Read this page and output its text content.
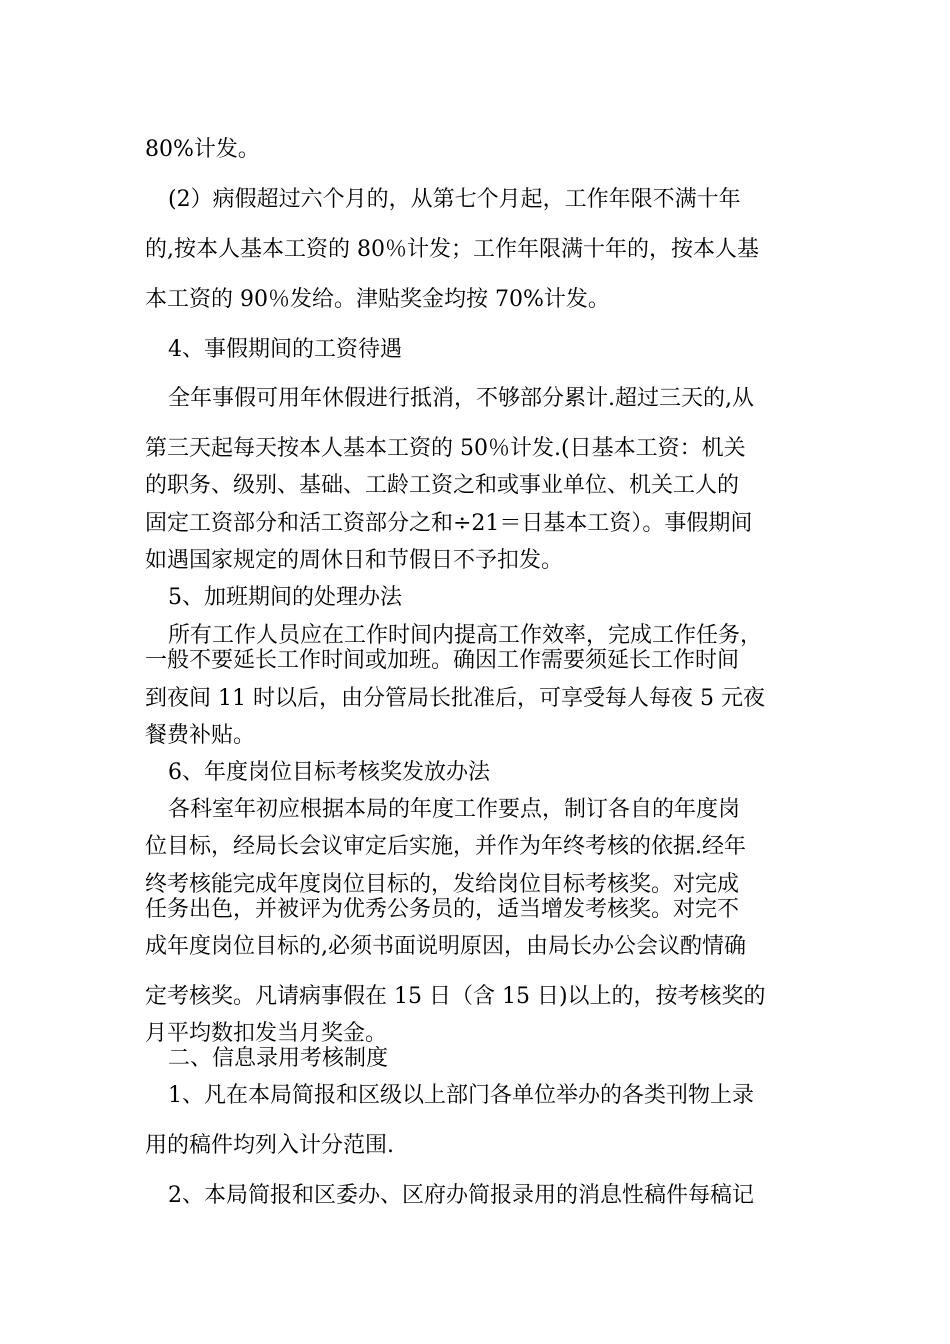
80%计发。
(2）病假超过六个月的，从第七个月起，工作年限不满十年
的,按本人基本工资的 80％计发；工作年限满十年的，按本人基
本工资的 90％发给。津贴奖金均按 70%计发。
4、事假期间的工资待遇
全年事假可用年休假进行抵消，不够部分累计.超过三天的,从
第三天起每天按本人基本工资的 50％计发.(日基本工资：机关
的职务、级别、基础、工龄工资之和或事业单位、机关工人的
固定工资部分和活工资部分之和÷21＝日基本工资）。事假期间
如遇国家规定的周休日和节假日不予扣发。
5、加班期间的处理办法
所有工作人员应在工作时间内提高工作效率，完成工作任务，
一般不要延长工作时间或加班。确因工作需要须延长工作时间
到夜间 11 时以后，由分管局长批准后，可享受每人每夜 5 元夜
餐费补贴。
6、年度岗位目标考核奖发放办法
各科室年初应根据本局的年度工作要点，制订各自的年度岗
位目标，经局长会议审定后实施，并作为年终考核的依据.经年
终考核能完成年度岗位目标的，发给岗位目标考核奖。对完成
任务出色，并被评为优秀公务员的，适当增发考核奖。对完不
成年度岗位目标的,必须书面说明原因，由局长办公会议酌情确
定考核奖。凡请病事假在 15 日（含 15 日)以上的，按考核奖的
月平均数扣发当月奖金。
二、信息录用考核制度
1、凡在本局简报和区级以上部门各单位举办的各类刊物上录
用的稿件均列入计分范围.
2、本局简报和区委办、区府办简报录用的消息性稿件每稿记
